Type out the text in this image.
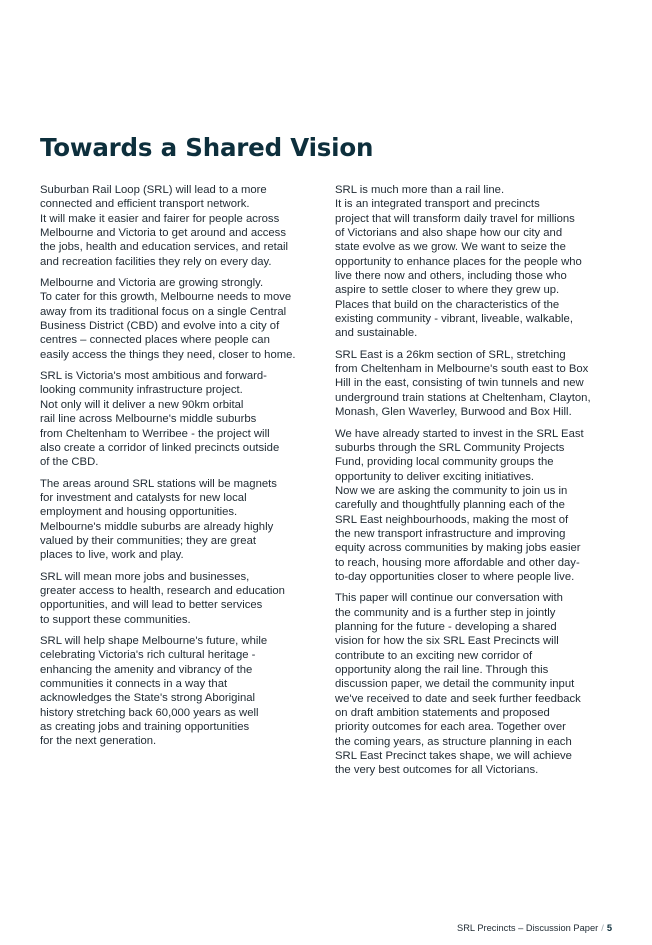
Towards a Shared Vision

Suburban Rail Loop (SRL) will lead to a more
connected and efficient transport network.
It will make it easier and fairer for people across
Melbourne and Victoria to get around and access
the jobs, health and education services, and retail
and recreation facilities they rely on every day.

Melbourne and Victoria are growing strongly.
To cater for this growth, Melbourne needs to move
away from its traditional focus on a single Central
Business District (CBD) and evolve into a city of
centres – connected places where people can
easily access the things they need, closer to home.

SRL is Victoria's most ambitious and forward-
looking community infrastructure project.
Not only will it deliver a new 90km orbital
rail line across Melbourne's middle suburbs
from Cheltenham to Werribee - the project will
also create a corridor of linked precincts outside
of the CBD.

The areas around SRL stations will be magnets
for investment and catalysts for new local
employment and housing opportunities.
Melbourne's middle suburbs are already highly
valued by their communities; they are great
places to live, work and play.

SRL will mean more jobs and businesses,
greater access to health, research and education
opportunities, and will lead to better services
to support these communities.

SRL will help shape Melbourne's future, while
celebrating Victoria's rich cultural heritage -
enhancing the amenity and vibrancy of the
communities it connects in a way that
acknowledges the State's strong Aboriginal
history stretching back 60,000 years as well
as creating jobs and training opportunities
for the next generation.

SRL is much more than a rail line.
It is an integrated transport and precincts
project that will transform daily travel for millions
of Victorians and also shape how our city and
state evolve as we grow. We want to seize the
opportunity to enhance places for the people who
live there now and others, including those who
aspire to settle closer to where they grew up.
Places that build on the characteristics of the
existing community - vibrant, liveable, walkable,
and sustainable.

SRL East is a 26km section of SRL, stretching
from Cheltenham in Melbourne's south east to Box
Hill in the east, consisting of twin tunnels and new
underground train stations at Cheltenham, Clayton,
Monash, Glen Waverley, Burwood and Box Hill.

We have already started to invest in the SRL East
suburbs through the SRL Community Projects
Fund, providing local community groups the
opportunity to deliver exciting initiatives.
Now we are asking the community to join us in
carefully and thoughtfully planning each of the
SRL East neighbourhoods, making the most of
the new transport infrastructure and improving
equity across communities by making jobs easier
to reach, housing more affordable and other day-
to-day opportunities closer to where people live.

This paper will continue our conversation with
the community and is a further step in jointly
planning for the future - developing a shared
vision for how the six SRL East Precincts will
contribute to an exciting new corridor of
opportunity along the rail line. Through this
discussion paper, we detail the community input
we've received to date and seek further feedback
on draft ambition statements and proposed
priority outcomes for each area. Together over
the coming years, as structure planning in each
SRL East Precinct takes shape, we will achieve
the very best outcomes for all Victorians.

SRL Precincts – Discussion Paper / 5
